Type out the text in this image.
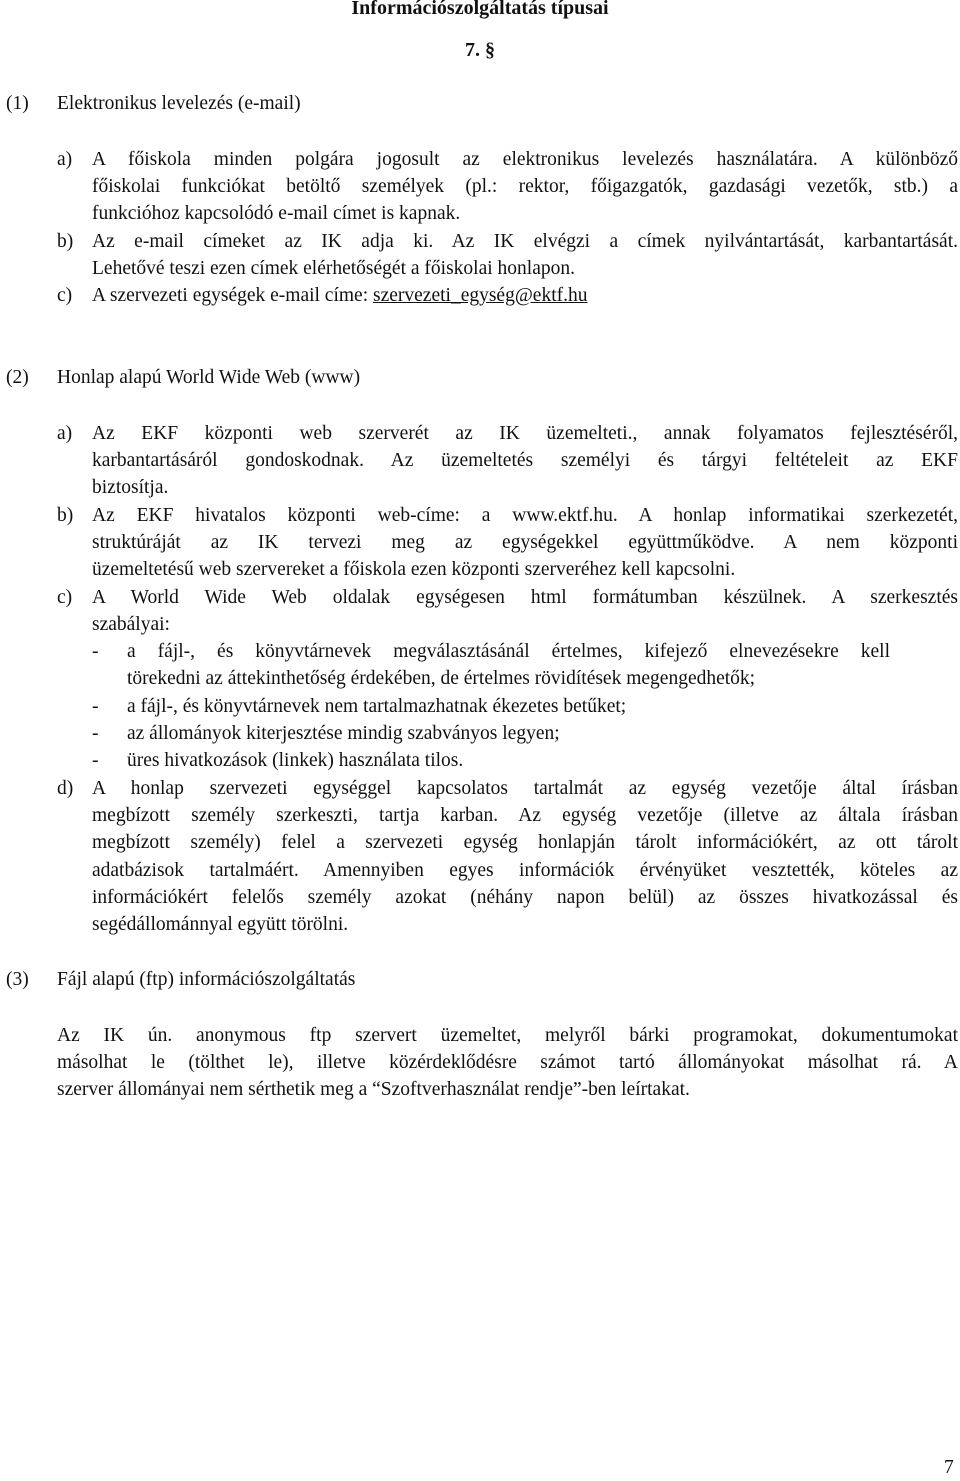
Információszolgáltatás típusai
7. §
(1) Elektronikus levelezés (e-mail)
a) A főiskola minden polgára jogosult az elektronikus levelezés használatára. A különböző
főiskolai funkciókat betöltő személyek (pl.: rektor, főigazgatók, gazdasági vezetők, stb.) a
funkcióhoz kapcsolódó e-mail címet is kapnak.
b) Az e-mail címeket az IK adja ki. Az IK elvégzi a címek nyilvántartását, karbantartását.
Lehetővé teszi ezen címek elérhetőségét a főiskolai honlapon.
c) A szervezeti egységek e-mail címe: szervezeti_egység@ektf.hu
(2) Honlap alapú World Wide Web (www)
a) Az EKF központi web szerverét az IK üzemelteti., annak folyamatos fejlesztéséről,
karbantartásáról gondoskodnak. Az üzemeltetés személyi és tárgyi feltételeit az EKF
biztosítja.
b) Az EKF hivatalos központi web-címe: a www.ektf.hu. A honlap informatikai szerkezetét,
struktúráját az IK tervezi meg az egységekkel együttműködve. A nem központi
üzemeltetésű web szervereket a főiskola ezen központi szerveréhez kell kapcsolni.
c) A World Wide Web oldalak egységesen html formátumban készülnek. A szerkesztés
szabályai:
- a fájl-, és könyvtárnevek megválasztásánál értelmes, kifejező elnevezésekre kell
törekedni az áttekinthetőség érdekében, de értelmes rövidítések megengedhetők;
- a fájl-, és könyvtárnevek nem tartalmazhatnak ékezetes betűket;
- az állományok kiterjesztése mindig szabványos legyen;
- üres hivatkozások (linkek) használata tilos.
d) A honlap szervezeti egységgel kapcsolatos tartalmát az egység vezetője által írásban
megbízott személy szerkeszti, tartja karban. Az egység vezetője (illetve az általa írásban
megbízott személy) felel a szervezeti egység honlapján tárolt információkért, az ott tárolt
adatbázisok tartalmáért. Amennyiben egyes információk érvényüket vesztették, köteles az
információkért felelős személy azokat (néhány napon belül) az összes hivatkozással és
segédállománnyal együtt törölni.
(3) Fájl alapú (ftp) információszolgáltatás
Az IK ún. anonymous ftp szervert üzemeltet, melyről bárki programokat, dokumentumokat
másolhat le (tölthet le), illetve közérdeklődésre számot tartó állományokat másolhat rá. A
szerver állományai nem sérthetik meg a “Szoftverhasználat rendje”-ben leírtakat.
7
